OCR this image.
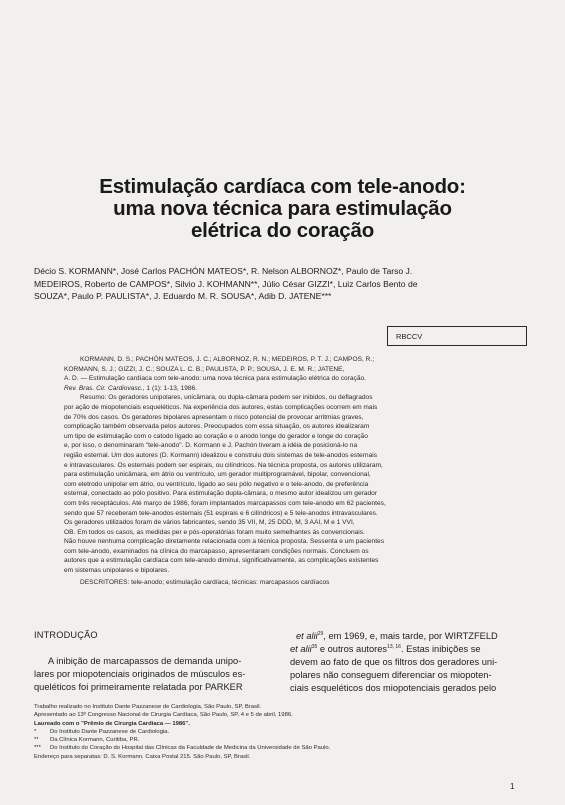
Estimulação cardíaca com tele-anodo:
uma nova técnica para estimulação
elétrica do coração
Décio S. KORMANN*, José Carlos PACHÓN MATEOS*, R. Nelson ALBORNOZ*, Paulo de Tarso J.
MEDEIROS, Roberto de CAMPOS*, Silvio J. KOHMANN**, Júlio César GIZZI*, Luiz Carlos Bento de
SOUZA*, Paulo P. PAULISTA*, J. Eduardo M. R. SOUSA*, Adib D. JATENE***
RBCCV
KORMANN, D. S.; PACHÓN MATEOS, J. C.; ALBORNOZ, R. N.; MEDEIROS, P. T. J.; CAMPOS, R.;
KORMANN, S. J.; GIZZI, J. C.; SOUZA L. C. B.; PAULISTA, P. P.; SOUSA, J. E. M. R.; JATENE,
A. D. — Estimulação cardíaca com tele-anodo: uma nova técnica para estimulação elétrica do coração.
Rev. Bras. Cir. Cardiovasc., 1 (1): 1-13, 1986.
Resumo: Os geradores unipolares, unicâmara, ou dupla-câmara podem ser inibidos, ou deflagrados
por ação de miopotenciais esqueléticos. Na experiência dos autores, estas complicações ocorrem em mais
de 70% dos casos. Os geradores bipolares apresentam o risco potencial de provocar arritmias graves,
complicação também observada pelos autores. Preocupados com essa situação, os autores idealizaram
um tipo de estimulação com o catodo ligado ao coração e o anodo longe do gerador e longe do coração
e, por isso, o denominaram "tele-anodo". D. Kormann e J. Pachón tiveram a idéia de posicioná-lo na
região esternal. Um dos autores (D. Kormann) idealizou e construiu dois sistemas de tele-anodos esternais
e intravasculares. Os esternais podem ser espirais, ou cilíndricos. Na técnica proposta, os autores utilizaram,
para estimulação unicâmara, em átrio ou ventrículo, um gerador multiprogramável, bipolar, convencional,
com eletrodo unipolar em átrio, ou ventrículo, ligado ao seu pólo negativo e o tele-anodo, de preferência
esternal, conectado ao pólo positivo. Para estimulação dupla-câmara, o mesmo autor idealizou um gerador
com três receptáculos. Até março de 1986, foram implantados marcapassos com tele-anodo em 62 pacientes,
sendo que 57 receberam tele-anodos esternais (51 espirais e 6 cilíndricos) e 5 tele-anodos intravasculares.
Os geradores utilizados foram de vários fabricantes, sendo 35 VII, M, 25 DDD, M, 3 AAI, M e 1 VVI,
OB. Em todos os casos, as medidas per e pós-operatórias foram muito semelhantes às convencionais.
Não houve nenhuma complicação diretamente relacionada com a técnica proposta. Sessenta e um pacientes
com tele-anodo, examinados na clínica do marcapasso, apresentaram condições normais. Concluem os
autores que a estimulação cardíaca com tele-anodo diminui, significativamente, as complicações existentes
em sistemas unipolares e bipolares.
DESCRITORES: tele-anodo; estimulação cardíaca, técnicas: marcapassos cardíacos
INTRODUÇÃO
A inibição de marcapassos de demanda unipo-
lares por miopotenciais originados de músculos es-
queléticos foi primeiramente relatada por PARKER
et alii$^{29}$, em 1969, e, mais tarde, por WIRTZFELD
et alii$^{35}$ e outros autores$^{13, 16}$. Estas inibições se
devem ao fato de que os filtros dos geradores uni-
polares não conseguem diferenciar os miopoten-
ciais esqueléticos dos miopotenciais gerados pelo
Trabalho realizado no Instituto Dante Pazzanese de Cardiologia, São Paulo, SP, Brasil.
Apresentado ao 13º Congresso Nacional de Cirurgia Cardíaca, São Paulo, SP, 4 e 5 de abril, 1986.
Laureado com o "Prêmio de Cirurgia Cardíaca — 1986".
* Do Instituto Dante Pazzanese de Cardiologia.
** Da Clínica Kormann, Curitiba, PR.
*** Do Instituto do Coração do Hospital das Clínicas da Faculdade de Medicina da Universidade de São Paulo.
Endereço para separatas: D. S. Kormann. Caixa Postal 215. São Paulo, SP, Brasil.
1
